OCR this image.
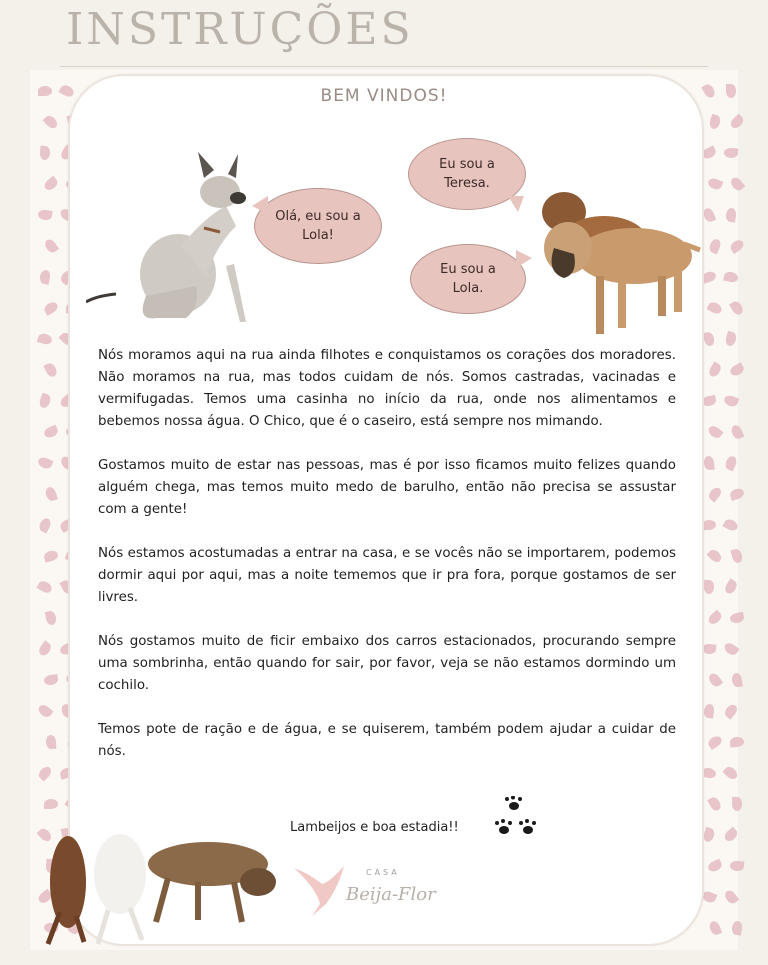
INSTRUÇÕES

BEM VINDOS!

Olá, eu sou a Lola!
Eu sou a Teresa.
Eu sou a Lola.

Nós moramos aqui na rua ainda filhotes e conquistamos os corações dos moradores. Não moramos na rua, mas todos cuidam de nós. Somos castradas, vacinadas e vermifugadas. Temos uma casinha no início da rua, onde nos alimentamos e bebemos nossa água. O Chico, que é o caseiro, está sempre nos mimando.

Gostamos muito de estar nas pessoas, mas é por isso ficamos muito felizes quando alguém chega, mas temos muito medo de barulho, então não precisa se assustar com a gente!

Nós estamos acostumadas a entrar na casa, e se vocês não se importarem, podemos dormir aqui por aqui, mas a noite tememos que ir pra fora, porque gostamos de ser livres.

Nós gostamos muito de ficir embaixo dos carros estacionados, procurando sempre uma sombrinha, então quando for sair, por favor, veja se não estamos dormindo um cochilo.

Temos pote de ração e de água, e se quiserem, também podem ajudar a cuidar de nós.

Lambeijos e boa estadia!!
CASA
Beija-Flor
